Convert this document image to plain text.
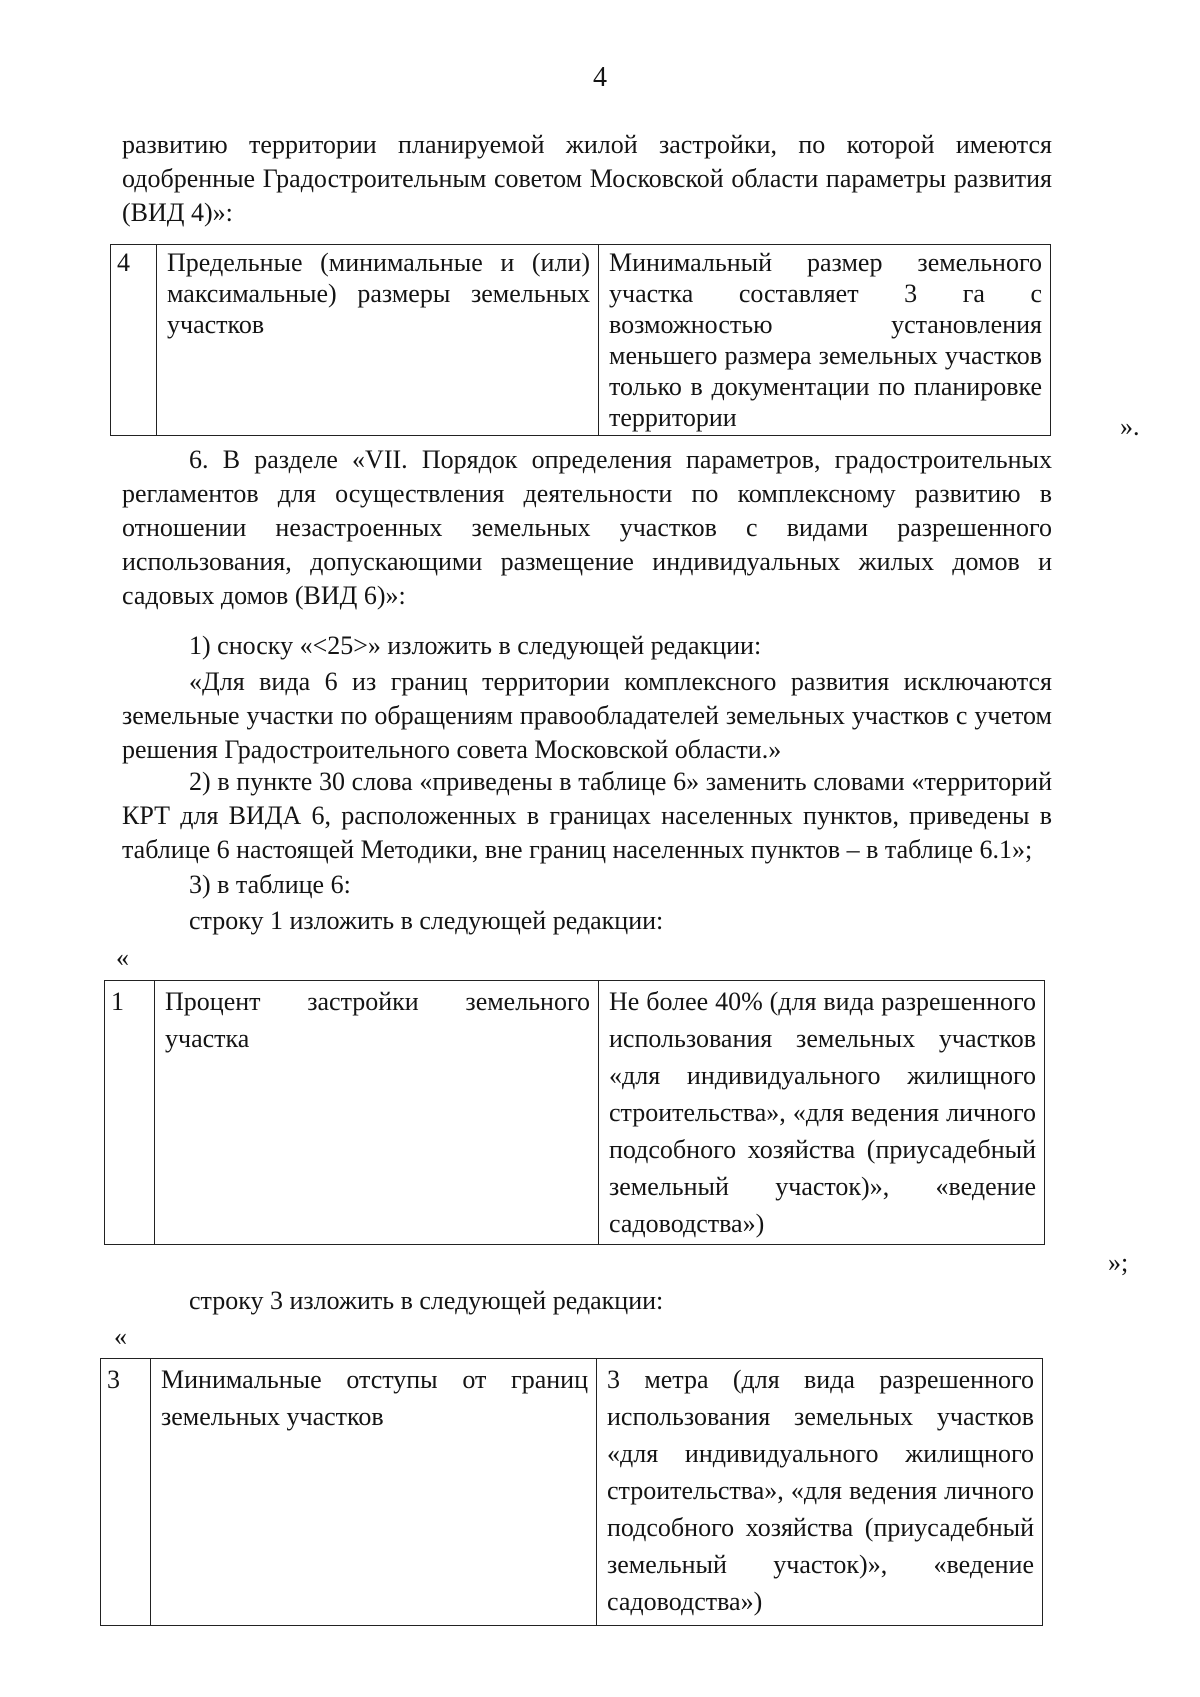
4
развитию территории планируемой жилой застройки, по которой имеются одобренные Градостроительным советом Московской области параметры развития (ВИД 4)»:
4	Предельные (минимальные и (или) максимальные) размеры земельных участков	Минимальный размер земельного участка составляет 3 га с возможностью установления меньшего размера земельных участков только в документации по планировке территории	».
6. В разделе «VII. Порядок определения параметров, градостроительных регламентов для осуществления деятельности по комплексному развитию в отношении незастроенных земельных участков с видами разрешенного использования, допускающими размещение индивидуальных жилых домов и садовых домов (ВИД 6)»:
1) сноску «<25>» изложить в следующей редакции:
«Для вида 6 из границ территории комплексного развития исключаются земельные участки по обращениям правообладателей земельных участков с учетом решения Градостроительного совета Московской области.»
2) в пункте 30 слова «приведены в таблице 6» заменить словами «территорий КРТ для ВИДА 6, расположенных в границах населенных пунктов, приведены в таблице 6 настоящей Методики, вне границ населенных пунктов – в таблице 6.1»;
3) в таблице 6:
строку 1 изложить в следующей редакции:
«
1	Процент застройки земельного участка	Не более 40% (для вида разрешенного использования земельных участков «для индивидуального жилищного строительства», «для ведения личного подсобного хозяйства (приусадебный земельный участок)», «ведение садоводства»)
»;
строку 3 изложить в следующей редакции:
«
3	Минимальные отступы от границ земельных участков	3 метра (для вида разрешенного использования земельных участков «для индивидуального жилищного строительства», «для ведения личного подсобного хозяйства (приусадебный земельный участок)», «ведение садоводства»)
